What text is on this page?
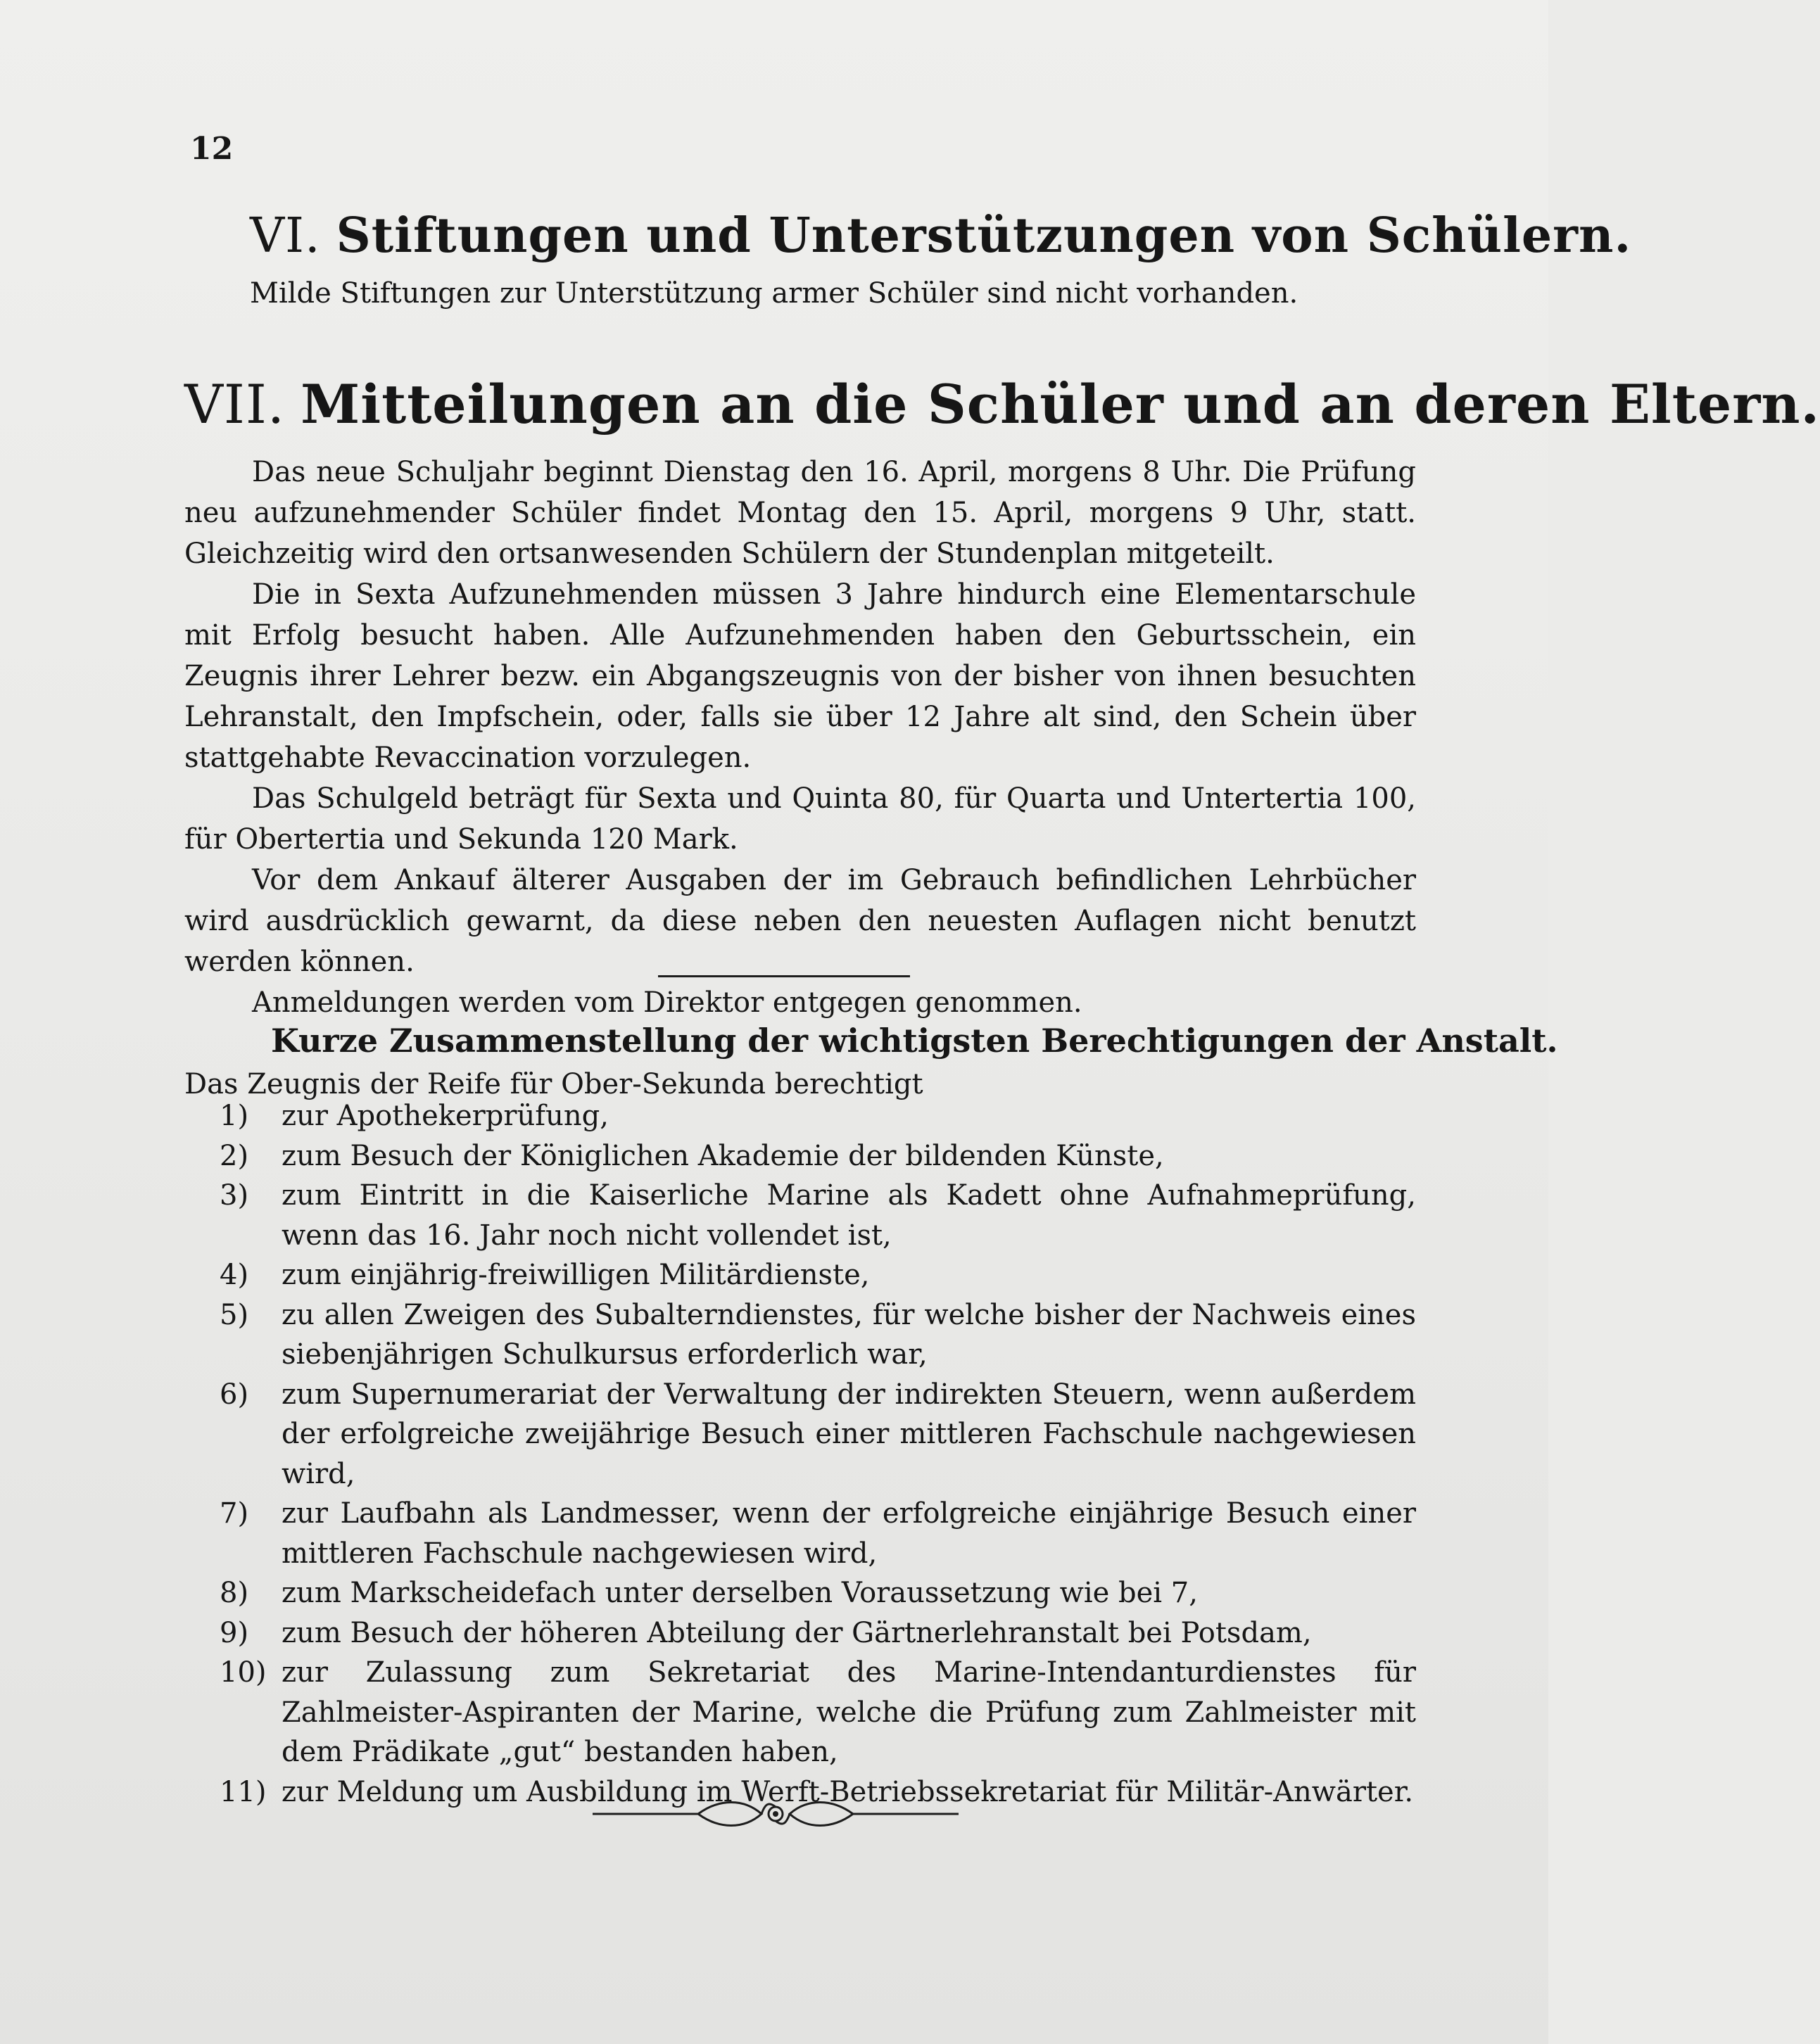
12
VI. Stiftungen und Unterstützungen von Schülern.

Milde Stiftungen zur Unterstützung armer Schüler sind nicht vorhanden.

VII. Mitteilungen an die Schüler und an deren Eltern.

Das neue Schuljahr beginnt Dienstag den 16. April, morgens 8 Uhr. Die Prüfung neu aufzunehmender Schüler findet Montag den 15. April, morgens 9 Uhr, statt. Gleichzeitig wird den ortsanwesenden Schülern der Stundenplan mitgeteilt.

Die in Sexta Aufzunehmenden müssen 3 Jahre hindurch eine Elementarschule mit Erfolg besucht haben. Alle Aufzunehmenden haben den Geburtsschein, ein Zeugnis ihrer Lehrer bezw. ein Abgangszeugnis von der bisher von ihnen besuchten Lehranstalt, den Impfschein, oder, falls sie über 12 Jahre alt sind, den Schein über stattgehabte Revaccination vorzulegen.

Das Schulgeld beträgt für Sexta und Quinta 80, für Quarta und Untertertia 100, für Obertertia und Sekunda 120 Mark.

Vor dem Ankauf älterer Ausgaben der im Gebrauch befindlichen Lehrbücher wird ausdrücklich gewarnt, da diese neben den neuesten Auflagen nicht benutzt werden können.

Anmeldungen werden vom Direktor entgegen genommen.

Kurze Zusammenstellung der wichtigsten Berechtigungen der Anstalt.

Das Zeugnis der Reife für Ober-Sekunda berechtigt

1)	zur Apothekerprüfung,
2)	zum Besuch der Königlichen Akademie der bildenden Künste,
3)	zum Eintritt in die Kaiserliche Marine als Kadett ohne Aufnahmeprüfung, wenn das 16. Jahr noch nicht vollendet ist,
4)	zum einjährig-freiwilligen Militärdienste,
5)	zu allen Zweigen des Subalterndienstes, für welche bisher der Nachweis eines siebenjährigen Schulkursus erforderlich war,
6)	zum Supernumerariat der Verwaltung der indirekten Steuern, wenn außerdem der erfolgreiche zweijährige Besuch einer mittleren Fachschule nachgewiesen wird,
7)	zur Laufbahn als Landmesser, wenn der erfolgreiche einjährige Besuch einer mittleren Fachschule nachgewiesen wird,
8)	zum Markscheidefach unter derselben Voraussetzung wie bei 7,
9)	zum Besuch der höheren Abteilung der Gärtnerlehranstalt bei Potsdam,
10) zur Zulassung zum Sekretariat des Marine-Intendanturdienstes für Zahlmeister-Aspiranten der Marine, welche die Prüfung zum Zahlmeister mit dem Prädikate „gut“ bestanden haben,
11) zur Meldung um Ausbildung im Werft-Betriebssekretariat für Militär-Anwärter.
